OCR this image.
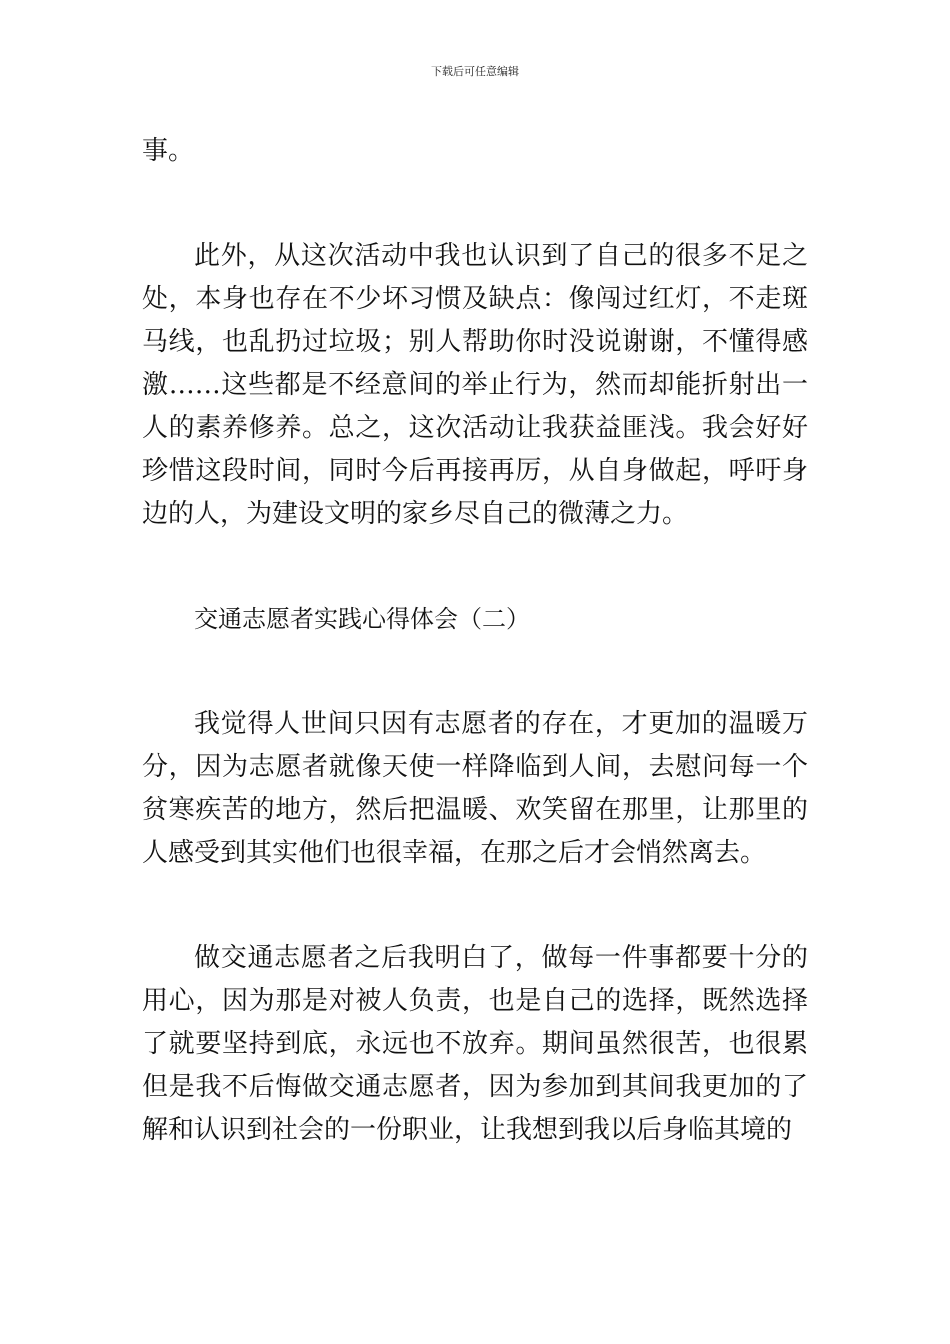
下载后可任意编辑

事。

此外，从这次活动中我也认识到了自己的很多不足之处，本身也存在不少坏习惯及缺点：像闯过红灯，不走斑马线，也乱扔过垃圾；别人帮助你时没说谢谢，不懂得感激……这些都是不经意间的举止行为，然而却能折射出一人的素养修养。总之，这次活动让我获益匪浅。我会好好珍惜这段时间，同时今后再接再厉，从自身做起，呼吁身边的人，为建设文明的家乡尽自己的微薄之力。

交通志愿者实践心得体会（二）

我觉得人世间只因有志愿者的存在，才更加的温暖万分，因为志愿者就像天使一样降临到人间，去慰问每一个贫寒疾苦的地方，然后把温暖、欢笑留在那里，让那里的人感受到其实他们也很幸福，在那之后才会悄然离去。

做交通志愿者之后我明白了，做每一件事都要十分的用心，因为那是对被人负责，也是自己的选择，既然选择了就要坚持到底，永远也不放弃。期间虽然很苦，也很累但是我不后悔做交通志愿者，因为参加到其间我更加的了解和认识到社会的一份职业，让我想到我以后身临其境的
